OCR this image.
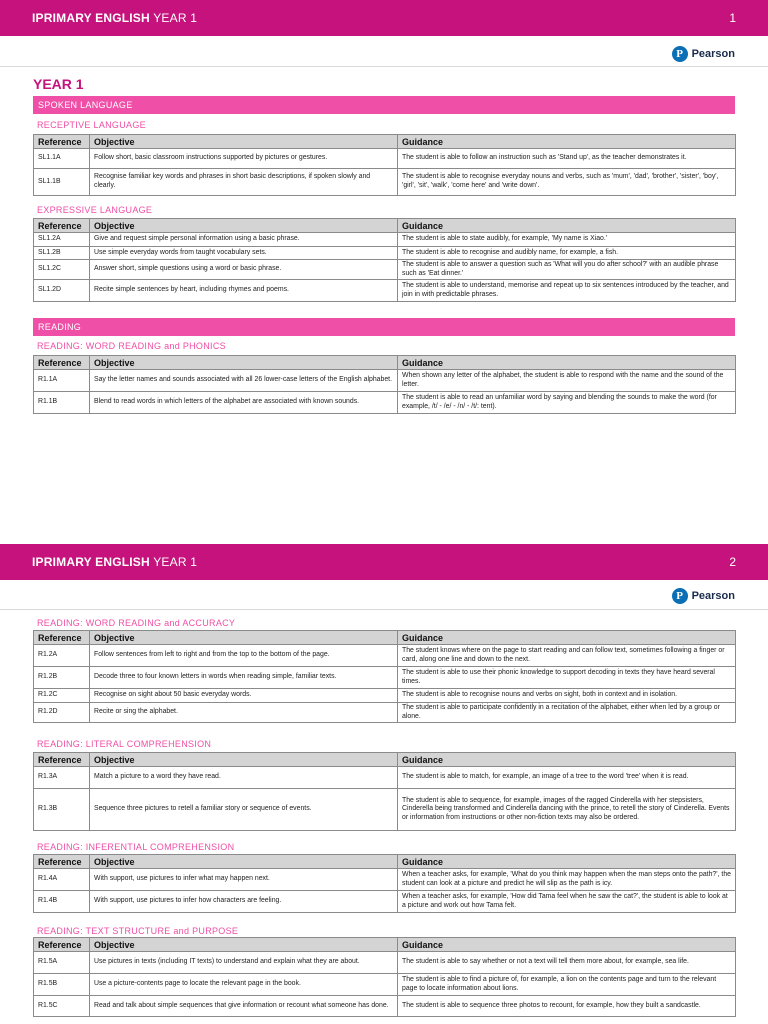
IPRIMARY ENGLISH YEAR 1	1
P Pearson
YEAR 1
SPOKEN LANGUAGE
RECEPTIVE LANGUAGE
Reference	Objective	Guidance
SL1.1A	Follow short, basic classroom instructions supported by pictures or gestures.	The student is able to follow an instruction such as 'Stand up', as the teacher demonstrates it.
SL1.1B	Recognise familiar key words and phrases in short basic descriptions, if spoken slowly and clearly.	The student is able to recognise everyday nouns and verbs, such as 'mum', 'dad', 'brother', 'sister', 'boy', 'girl', 'sit', 'walk', 'come here' and 'write down'.
EXPRESSIVE LANGUAGE
Reference	Objective	Guidance
SL1.2A	Give and request simple personal information using a basic phrase.	The student is able to state audibly, for example, 'My name is Xiao.'
SL1.2B	Use simple everyday words from taught vocabulary sets.	The student is able to recognise and audibly name, for example, a fish.
SL1.2C	Answer short, simple questions using a word or basic phrase.	The student is able to answer a question such as 'What will you do after school?' with an audible phrase such as 'Eat dinner.'
SL1.2D	Recite simple sentences by heart, including rhymes and poems.	The student is able to understand, memorise and repeat up to six sentences introduced by the teacher, and join in with predictable phrases.
READING
READING: WORD READING and PHONICS
Reference	Objective	Guidance
R1.1A	Say the letter names and sounds associated with all 26 lower-case letters of the English alphabet.	When shown any letter of the alphabet, the student is able to respond with the name and the sound of the letter.
R1.1B	Blend to read words in which letters of the alphabet are associated with known sounds.	The student is able to read an unfamiliar word by saying and blending the sounds to make the word (for example, /t/ - /e/ - /n/ - /t/: tent).
IPRIMARY ENGLISH YEAR 1	2
P Pearson
READING: WORD READING and ACCURACY
Reference	Objective	Guidance
R1.2A	Follow sentences from left to right and from the top to the bottom of the page.	The student knows where on the page to start reading and can follow text, sometimes following a finger or card, along one line and down to the next.
R1.2B	Decode three to four known letters in words when reading simple, familiar texts.	The student is able to use their phonic knowledge to support decoding in texts they have heard several times.
R1.2C	Recognise on sight about 50 basic everyday words.	The student is able to recognise nouns and verbs on sight, both in context and in isolation.
R1.2D	Recite or sing the alphabet.	The student is able to participate confidently in a recitation of the alphabet, either when led by a group or alone.
READING: LITERAL COMPREHENSION
Reference	Objective	Guidance
R1.3A	Match a picture to a word they have read.	The student is able to match, for example, an image of a tree to the word 'tree' when it is read.
R1.3B	Sequence three pictures to retell a familiar story or sequence of events.	The student is able to sequence, for example, images of the ragged Cinderella with her stepsisters, Cinderella being transformed and Cinderella dancing with the prince, to retell the story of Cinderella. Events or information from instructions or other non-fiction texts may also be ordered.
READING: INFERENTIAL COMPREHENSION
Reference	Objective	Guidance
R1.4A	With support, use pictures to infer what may happen next.	When a teacher asks, for example, 'What do you think may happen when the man steps onto the path?', the student can look at a picture and predict he will slip as the path is icy.
R1.4B	With support, use pictures to infer how characters are feeling.	When a teacher asks, for example, 'How did Tama feel when he saw the cat?', the student is able to look at a picture and work out how Tama felt.
READING: TEXT STRUCTURE and PURPOSE
Reference	Objective	Guidance
R1.5A	Use pictures in texts (including IT texts) to understand and explain what they are about.	The student is able to say whether or not a text will tell them more about, for example, sea life.
R1.5B	Use a picture-contents page to locate the relevant page in the book.	The student is able to find a picture of, for example, a lion on the contents page and turn to the relevant page to locate information about lions.
R1.5C	Read and talk about simple sequences that give information or recount what someone has done.	The student is able to sequence three photos to recount, for example, how they built a sandcastle.
